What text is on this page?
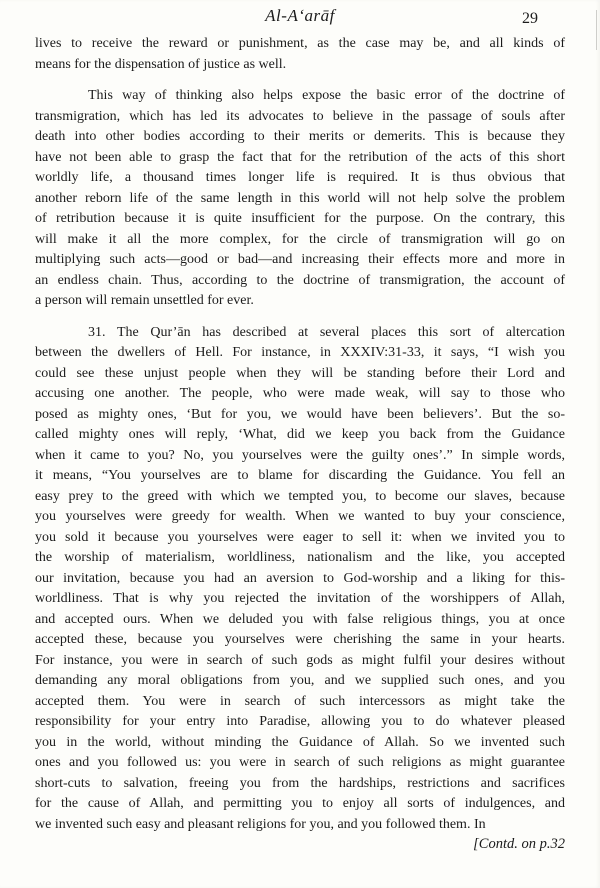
Al-A‘arāf	29
lives to receive the reward or punishment, as the case may be, and all kinds of
means for the dispensation of justice as well.
This way of thinking also helps expose the basic error of the doctrine of
transmigration, which has led its advocates to believe in the passage of souls after
death into other bodies according to their merits or demerits. This is because they
have not been able to grasp the fact that for the retribution of the acts of this short
worldly life, a thousand times longer life is required. It is thus obvious that
another reborn life of the same length in this world will not help solve the problem
of retribution because it is quite insufficient for the purpose. On the contrary, this
will make it all the more complex, for the circle of transmigration will go on
multiplying such acts—good or bad—and increasing their effects more and more in
an endless chain. Thus, according to the doctrine of transmigration, the account of
a person will remain unsettled for ever.
31. The Qur’ān has described at several places this sort of altercation
between the dwellers of Hell. For instance, in XXXIV:31-33, it says, “I wish you
could see these unjust people when they will be standing before their Lord and
accusing one another. The people, who were made weak, will say to those who
posed as mighty ones, ‘But for you, we would have been believers’. But the so-
called mighty ones will reply, ‘What, did we keep you back from the Guidance
when it came to you? No, you yourselves were the guilty ones’.” In simple words,
it means, “You yourselves are to blame for discarding the Guidance. You fell an
easy prey to the greed with which we tempted you, to become our slaves, because
you yourselves were greedy for wealth. When we wanted to buy your conscience,
you sold it because you yourselves were eager to sell it: when we invited you to
the worship of materialism, worldliness, nationalism and the like, you accepted
our invitation, because you had an aversion to God-worship and a liking for this-
worldliness. That is why you rejected the invitation of the worshippers of Allah,
and accepted ours. When we deluded you with false religious things, you at once
accepted these, because you yourselves were cherishing the same in your hearts.
For instance, you were in search of such gods as might fulfil your desires without
demanding any moral obligations from you, and we supplied such ones, and you
accepted them. You were in search of such intercessors as might take the
responsibility for your entry into Paradise, allowing you to do whatever pleased
you in the world, without minding the Guidance of Allah. So we invented such
ones and you followed us: you were in search of such religions as might guarantee
short-cuts to salvation, freeing you from the hardships, restrictions and sacrifices
for the cause of Allah, and permitting you to enjoy all sorts of indulgences, and
we invented such easy and pleasant religions for you, and you followed them. In
[Contd. on p.32
